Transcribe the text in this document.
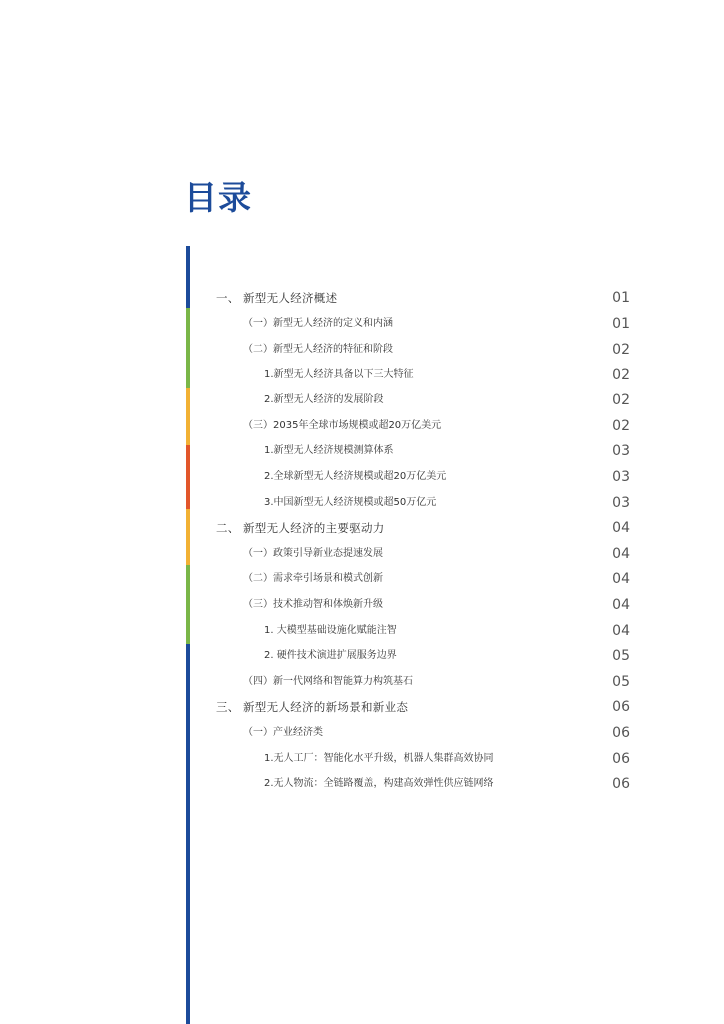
目录
一、 新型无人经济概述	01
（一）新型无人经济的定义和内涵	01
（二）新型无人经济的特征和阶段	02
1.新型无人经济具备以下三大特征	02
2.新型无人经济的发展阶段	02
（三）2035年全球市场规模或超20万亿美元	02
1.新型无人经济规模测算体系	03
2.全球新型无人经济规模或超20万亿美元	03
3.中国新型无人经济规模或超50万亿元	03
二、 新型无人经济的主要驱动力	04
（一）政策引导新业态提速发展	04
（二）需求牵引场景和模式创新	04
（三）技术推动智和体焕新升级	04
1. 大模型基础设施化赋能注智	04
2. 硬件技术演进扩展服务边界	05
（四）新一代网络和智能算力构筑基石	05
三、 新型无人经济的新场景和新业态	06
（一）产业经济类	06
1.无人工厂：智能化水平升级，机器人集群高效协同	06
2.无人物流：全链路覆盖，构建高效弹性供应链网络	06
